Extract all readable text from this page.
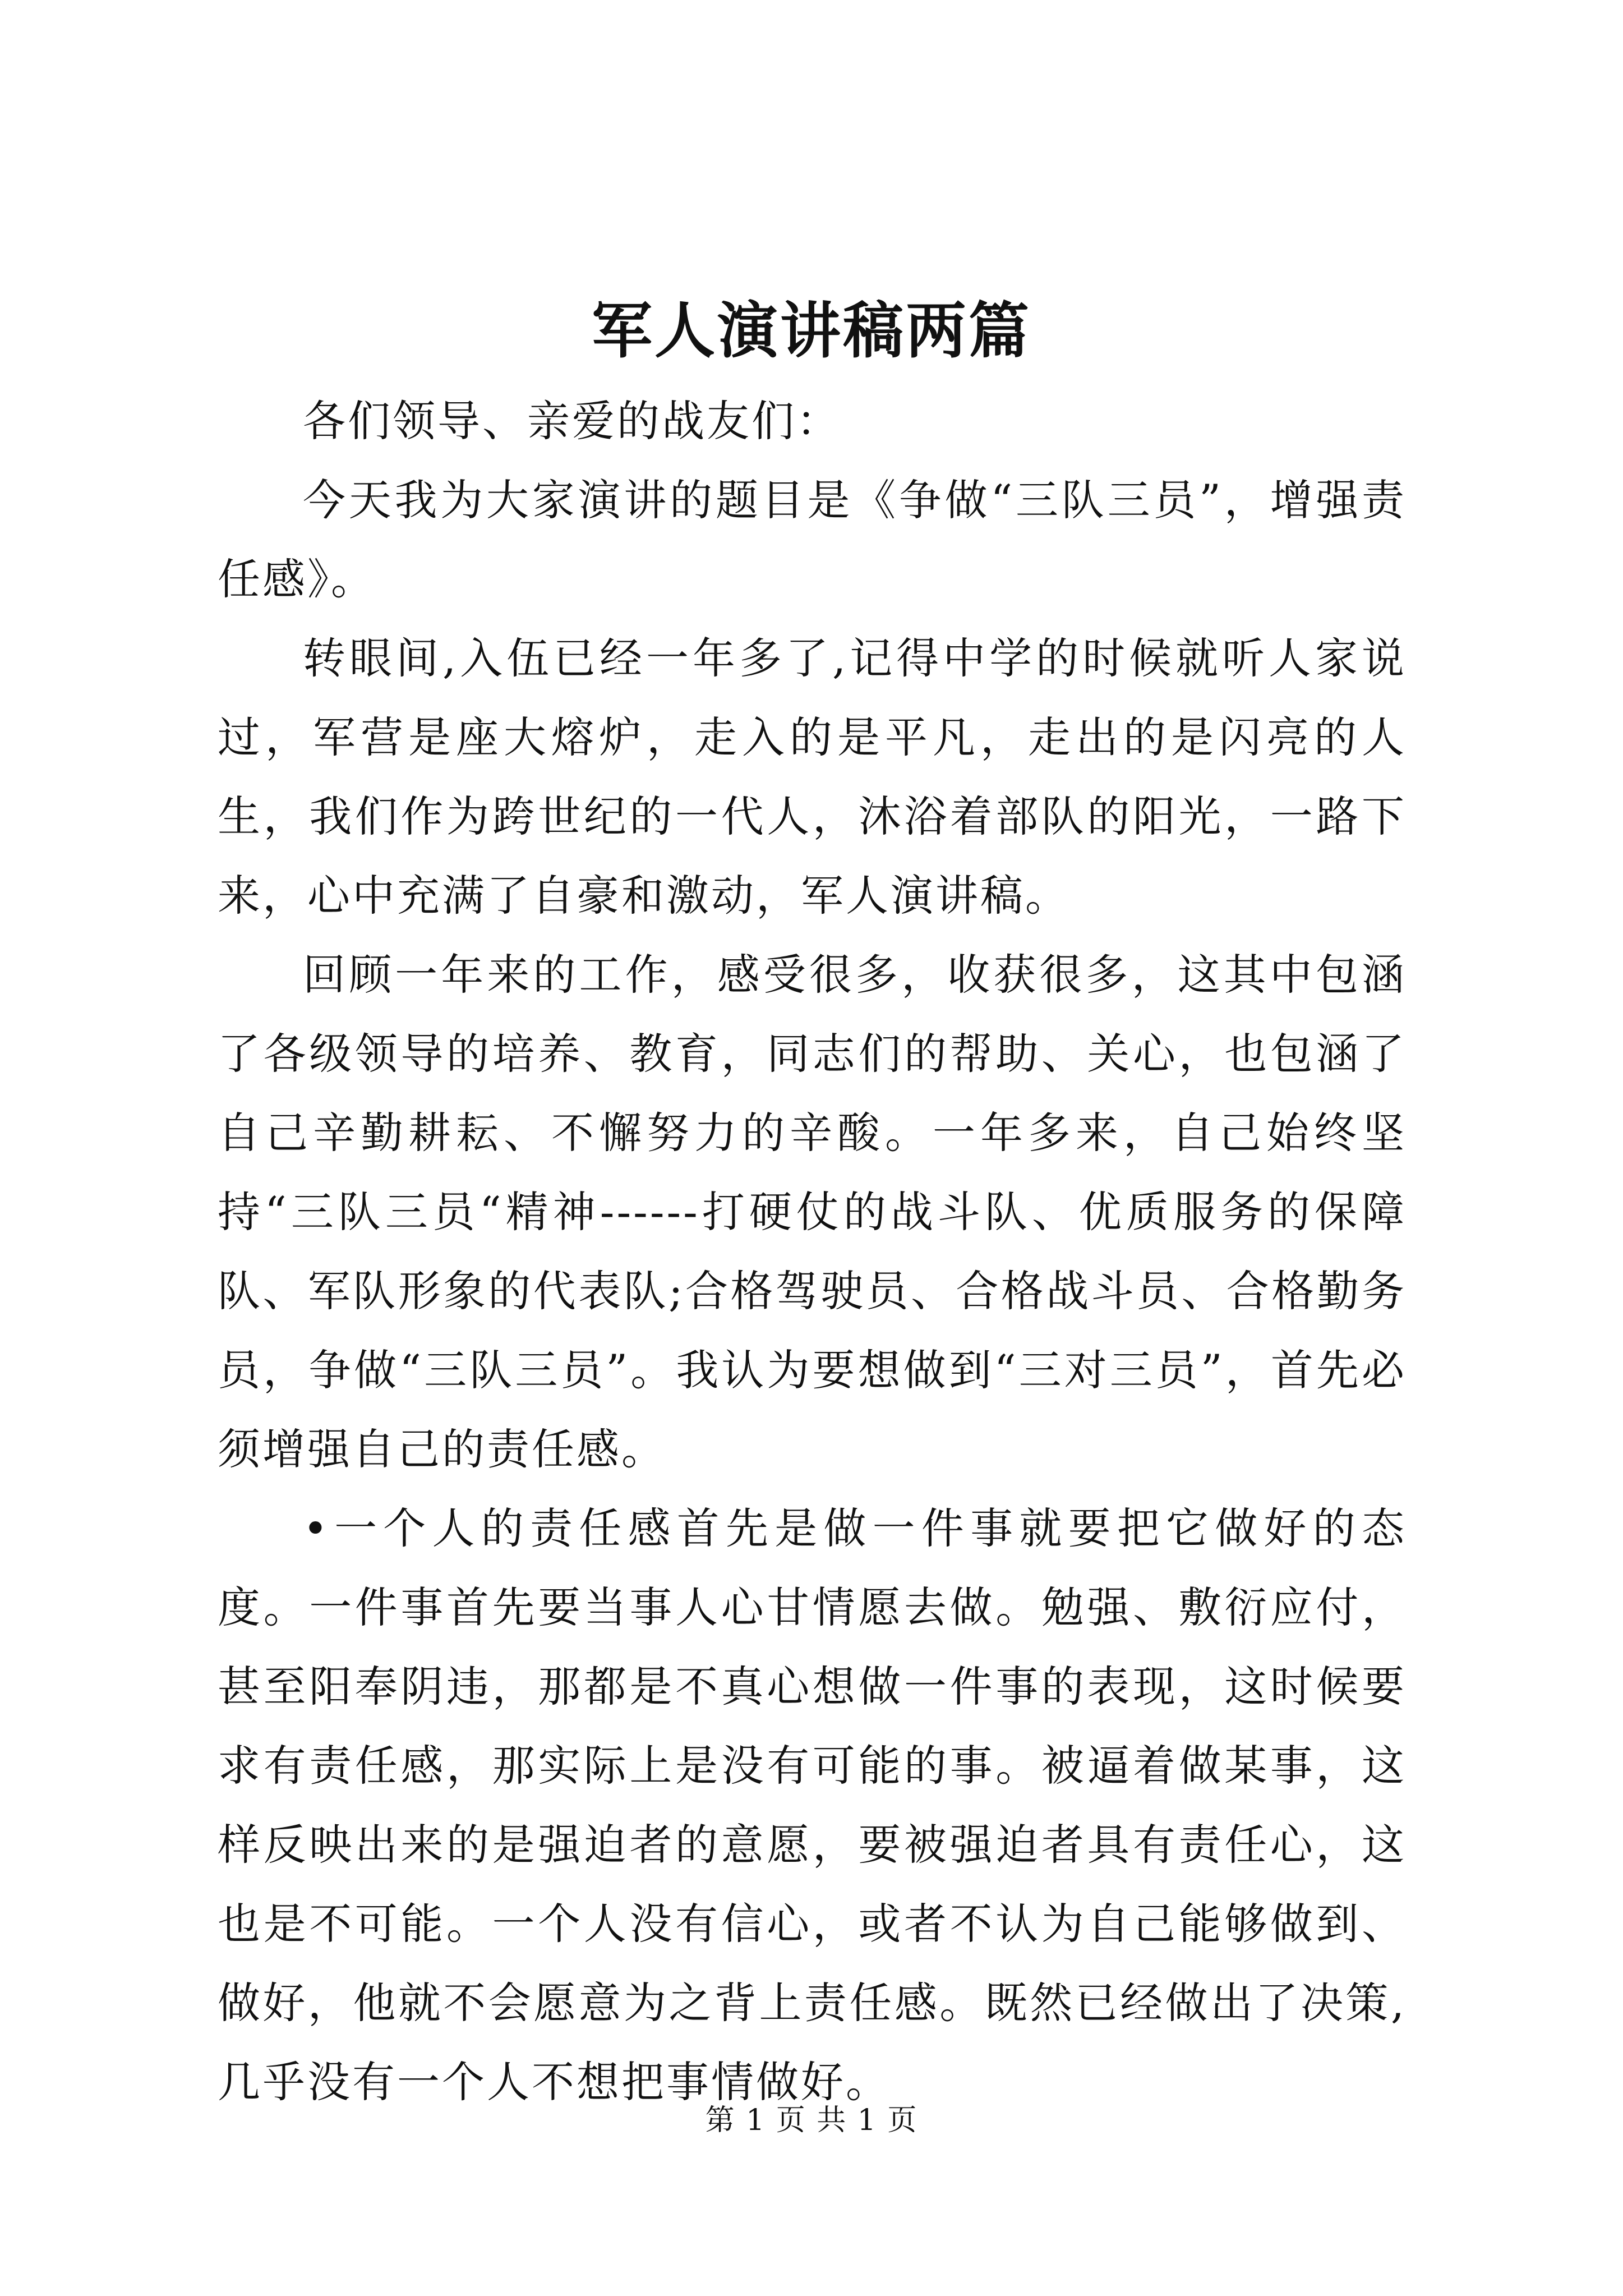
军人演讲稿两篇

各们领导、亲爱的战友们：

今天我为大家演讲的题目是《争做“三队三员”，增强责任感》。

转眼间,入伍已经一年多了,记得中学的时候就听人家说过，军营是座大熔炉，走入的是平凡，走出的是闪亮的人生，我们作为跨世纪的一代人，沐浴着部队的阳光，一路下来，心中充满了自豪和激动，军人演讲稿。

回顾一年来的工作，感受很多，收获很多，这其中包涵了各级领导的培养、教育，同志们的帮助、关心，也包涵了自己辛勤耕耘、不懈努力的辛酸。一年多来，自己始终坚持“三队三员“精神------打硬仗的战斗队、优质服务的保障队、军队形象的代表队;合格驾驶员、合格战斗员、合格勤务员，争做“三队三员”。我认为要想做到“三对三员”，首先必须增强自己的责任感。

•一个人的责任感首先是做一件事就要把它做好的态度。一件事首先要当事人心甘情愿去做。勉强、敷衍应付，甚至阳奉阴违，那都是不真心想做一件事的表现，这时候要求有责任感，那实际上是没有可能的事。被逼着做某事，这样反映出来的是强迫者的意愿，要被强迫者具有责任心，这也是不可能。一个人没有信心，或者不认为自己能够做到、做好，他就不会愿意为之背上责任感。既然已经做出了决策,几乎没有一个人不想把事情做好。

第 1 页 共 1 页
